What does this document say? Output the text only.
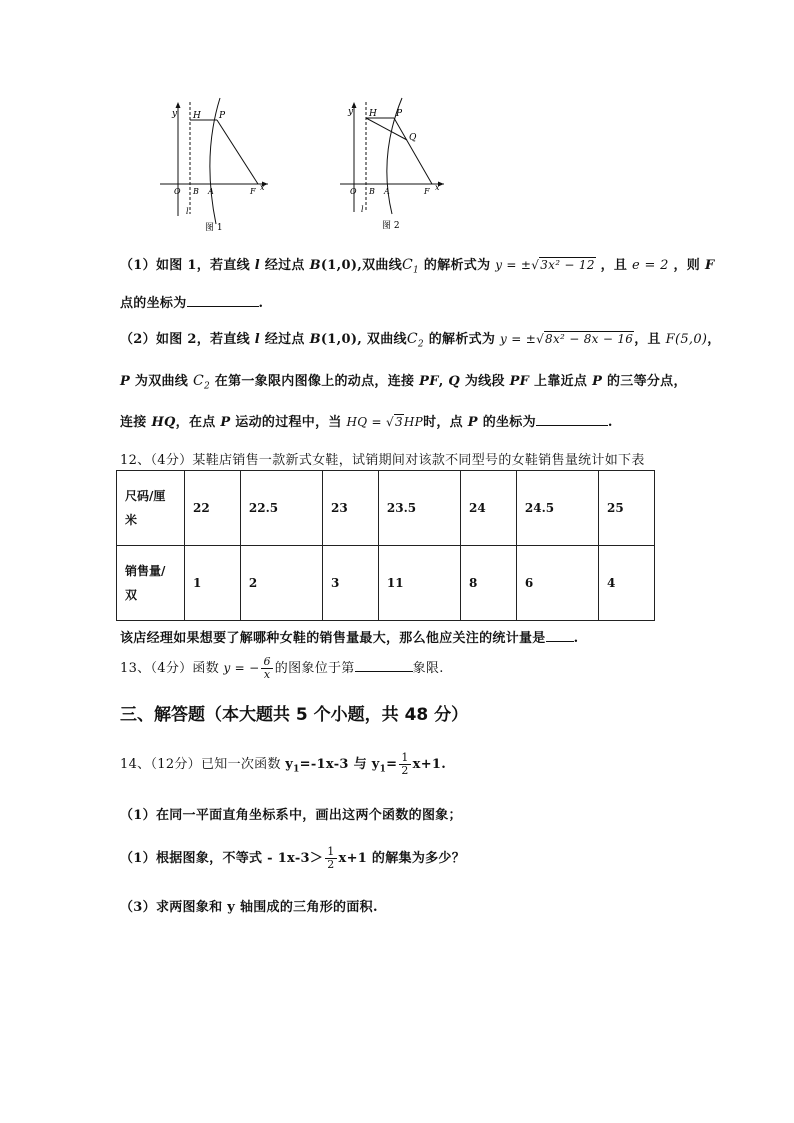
y H P
O B A	F x
l
图 1
y H P
Q
O B A	F x
l
图 2
（1）如图 1，若直线 l 经过点 B(1,0),双曲线$C_1$ 的解析式为 y = ±√3x² − 12 ，且 e = 2 ，则 F
点的坐标为	.
（2）如图 2，若直线 l 经过点 B(1,0), 双曲线$C_2$ 的解析式为 y = ±√8x² − 8x − 16，且 F(5,0)，
P 为双曲线 $C_2$ 在第一象限内图像上的动点，连接 PF, Q 为线段 PF 上靠近点 P 的三等分点，
连接 HQ，在点 P 运动的过程中，当 HQ = √3HP时，点 P 的坐标为	.
12、（4分）某鞋店销售一款新式女鞋，试销期间对该款不同型号的女鞋销售量统计如下表
尺码/厘
米	22	22.5	23	23.5	24	24.5	25
销售量/
双	1	2	3	11	8	6	4
该店经理如果想要了解哪种女鞋的销售量最大，那么他应关注的统计量是 .
13、（4分）函数 y = − $\frac{6}{x}$ 的图象位于第	象限.
三、解答题（本大题共 5 个小题，共 48 分）
14、（12分）已知一次函数 $y_1=-1x-3$ 与 $y_1= \frac{1}{2} x+1$.
（1）在同一平面直角坐标系中，画出这两个函数的图象；
（1）根据图象，不等式 - $1x-3> \frac{1}{2} x+1$ 的解集为多少？
（3）求两图象和 y 轴围成的三角形的面积.
